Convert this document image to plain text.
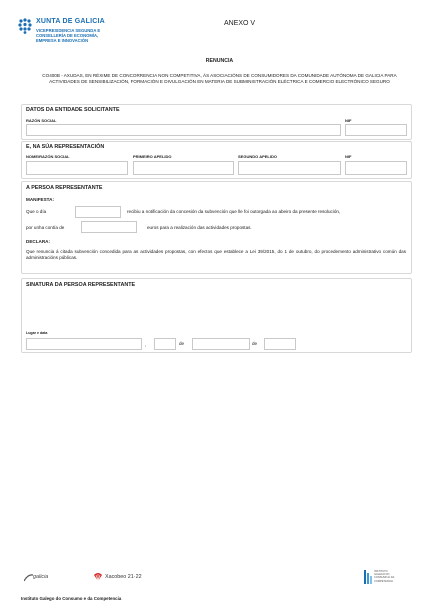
XUNTA DE GALICIA
VICEPRESIDENCIA SEGUNDA E
CONSELLERÍA DE ECONOMÍA,
EMPRESA E INNOVACIÓN
ANEXO V
RENUNCIA
CO400B - AXUDAS, EN RÉXIME DE CONCORRENCIA NON COMPETITIVA, ÁS ASOCIACIÓNS DE CONSUMIDORES DA COMUNIDADE AUTÓNOMA DE GALICIA PARA ACTIVIDADES DE SENSIBILIZACIÓN, FORMACIÓN E DIVULGACIÓN EN MATERIA DE SUBMINISTRACIÓN ELÉCTRICA E COMERCIO ELECTRÓNICO SEGURO
DATOS DA ENTIDADE SOLICITANTE
RAZÓN SOCIAL	NIF
E, NA SÚA REPRESENTACIÓN
NOME/RAZÓN SOCIAL	PRIMEIRO APELIDO	SEGUNDO APELIDO	NIF
A PERSOA REPRESENTANTE
MANIFESTA:
Que o día	recibiu a notificación da concesión da subvención que lle foi outorgada ao abeiro da presente resolución,
por unha contía de	euros para a realización das actividades propostas.
DECLARA:
Que renuncia á citada subvención concedida para as actividades propostas, con efectos que establece a Lei 39/2015, do 1 de outubro, do procedemento administrativo común das administracións públicas.
SINATURA DA PERSOA REPRESENTANTE
Lugar e data
,	de	de
galicia	Xacobeo 21·22
INSTITUTO
GALEGO DO
CONSUMO E DA
COMPETENCIA
Instituto Galego do Consumo e da Competencia
